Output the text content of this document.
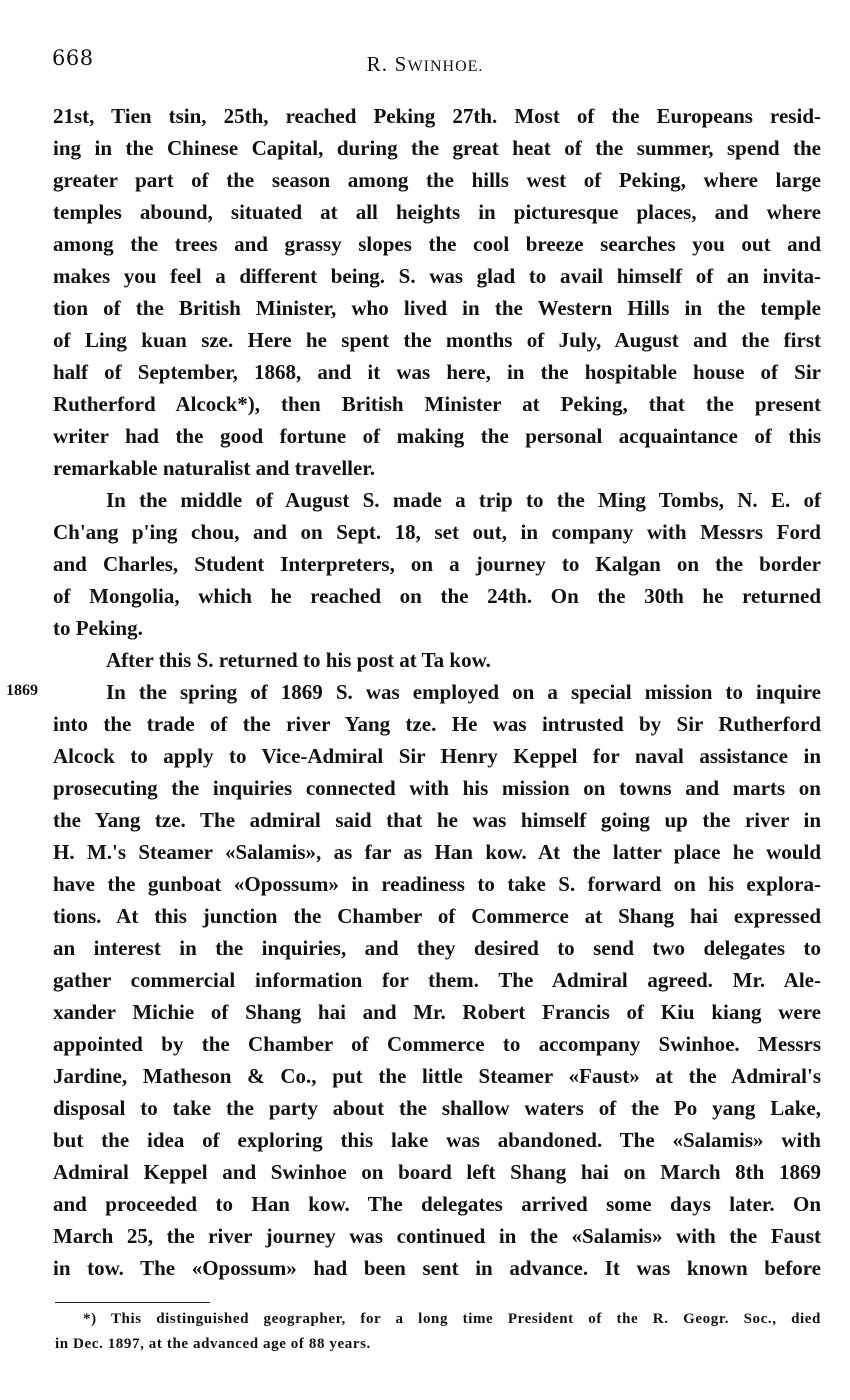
668	R. SWINHOE.
1869
21st, Tien tsin, 25th, reached Peking 27th. Most of the Europeans resid-
ing in the Chinese Capital, during the great heat of the summer, spend the
greater part of the season among the hills west of Peking, where large
temples abound, situated at all heights in picturesque places, and where
among the trees and grassy slopes the cool breeze searches you out and
makes you feel a different being. S. was glad to avail himself of an invita-
tion of the British Minister, who lived in the Western Hills in the temple
of Ling kuan sze. Here he spent the months of July, August and the first
half of September, 1868, and it was here, in the hospitable house of Sir
Rutherford Alcock*), then British Minister at Peking, that the present
writer had the good fortune of making the personal acquaintance of this
remarkable naturalist and traveller.
In the middle of August S. made a trip to the Ming Tombs, N. E. of
Ch'ang p'ing chou, and on Sept. 18, set out, in company with Messrs Ford
and Charles, Student Interpreters, on a journey to Kalgan on the border
of Mongolia, which he reached on the 24th. On the 30th he returned
to Peking.
After this S. returned to his post at Ta kow.
In the spring of 1869 S. was employed on a special mission to inquire
into the trade of the river Yang tze. He was intrusted by Sir Rutherford
Alcock to apply to Vice-Admiral Sir Henry Keppel for naval assistance in
prosecuting the inquiries connected with his mission on towns and marts on
the Yang tze. The admiral said that he was himself going up the river in
H. M.'s Steamer «Salamis», as far as Han kow. At the latter place he would
have the gunboat «Opossum» in readiness to take S. forward on his explora-
tions. At this junction the Chamber of Commerce at Shang hai expressed
an interest in the inquiries, and they desired to send two delegates to
gather commercial information for them. The Admiral agreed. Mr. Ale-
xander Michie of Shang hai and Mr. Robert Francis of Kiu kiang were
appointed by the Chamber of Commerce to accompany Swinhoe. Messrs
Jardine, Matheson & Co., put the little Steamer «Faust» at the Admiral's
disposal to take the party about the shallow waters of the Po yang Lake,
but the idea of exploring this lake was abandoned. The «Salamis» with
Admiral Keppel and Swinhoe on board left Shang hai on March 8th 1869
and proceeded to Han kow. The delegates arrived some days later. On
March 25, the river journey was continued in the «Salamis» with the Faust
in tow. The «Opossum» had been sent in advance. It was known before
*) This distinguished geographer, for a long time President of the R. Geogr. Soc., died
in Dec. 1897, at the advanced age of 88 years.
